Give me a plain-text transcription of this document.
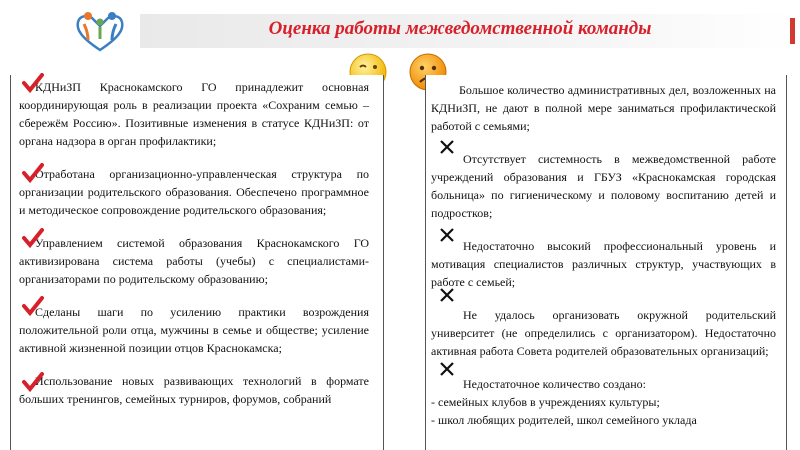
Оценка работы межведомственной команды

КДНиЗП Краснокамского ГО принадлежит основная координирующая роль в реализации проекта «Сохраним семью – сбережём Россию». Позитивные изменения в статусе КДНиЗП: от органа надзора в орган профилактики;

Отработана организационно-управленческая структура по организации родительского образования. Обеспечено программное и методическое сопровождение родительского образования;

Управлением системой образования Краснокамского ГО активизирована система работы (учебы) с специалистами-организаторами по родительскому образованию;

Сделаны шаги по усилению практики возрождения положительной роли отца, мужчины в семье и обществе; усиление активной жизненной позиции отцов Краснокамска;

Использование новых развивающих технологий в формате больших тренингов, семейных турниров, форумов, собраний

Большое количество административных дел, возложенных на КДНиЗП, не дают в полной мере заниматься профилактической работой с семьями;

Отсутствует системность в межведомственной работе учреждений образования и ГБУЗ «Краснокамская городская больница» по гигиеническому и половому воспитанию детей и подростков;

Недостаточно высокий профессиональный уровень и мотивация специалистов различных структур, участвующих в работе с семьей;

Не удалось организовать окружной родительский университет (не определились с организатором). Недостаточно активная работа Совета родителей образовательных организаций;

Недостаточное количество создано:

- семейных клубов в учреждениях культуры;

- школ любящих родителей, школ семейного уклада
